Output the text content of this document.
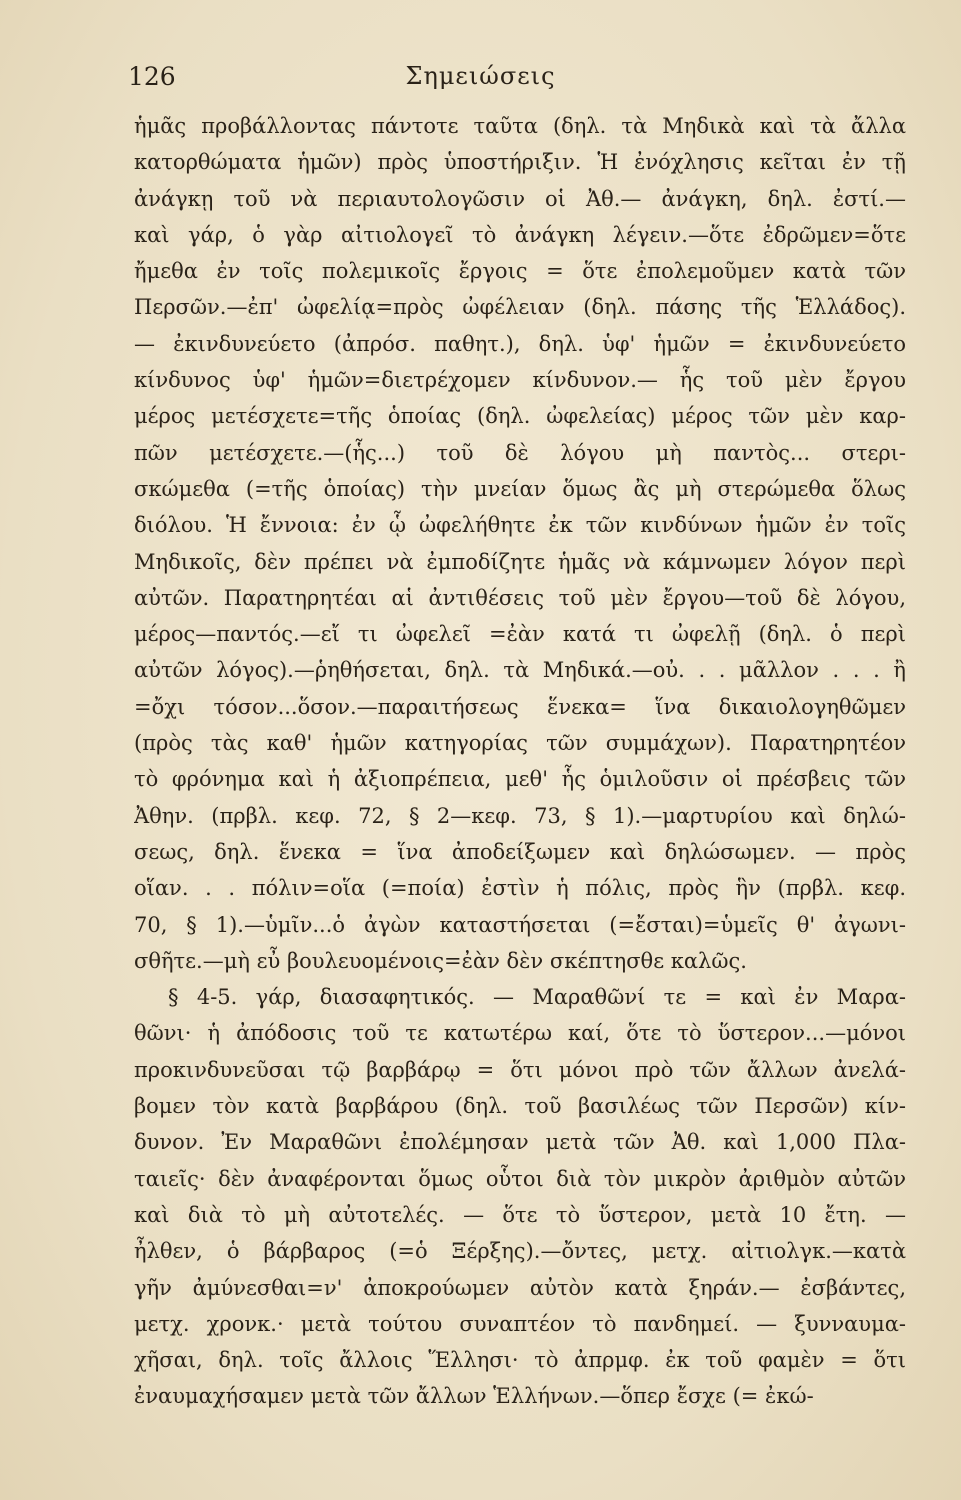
126	Σημειώσεις
ἡμᾶς προβάλλοντας πάντοτε ταῦτα (δηλ. τὰ Μηδικὰ καὶ τὰ ἄλλα
κατορθώματα ἡμῶν) πρὸς ὑποστήριξιν. Ἡ ἐνόχλησις κεῖται ἐν τῇ
ἀνάγκῃ τοῦ νὰ περιαυτολογῶσιν οἱ Ἀθ.— ἀνάγκη, δηλ. ἐστί.—
καὶ γάρ, ὁ γὰρ αἰτιολογεῖ τὸ ἀνάγκη λέγειν.—ὅτε ἐδρῶμεν=ὅτε
ἤμεθα ἐν τοῖς πολεμικοῖς ἔργοις = ὅτε ἐπολεμοῦμεν κατὰ τῶν
Περσῶν.—ἐπ' ὠφελίᾳ=πρὸς ὠφέλειαν (δηλ. πάσης τῆς Ἑλλάδος).
— ἐκινδυνεύετο (ἀπρόσ. παθητ.), δηλ. ὑφ' ἡμῶν = ἐκινδυνεύετο
κίνδυνος ὑφ' ἡμῶν=διετρέχομεν κίνδυνον.— ἧς τοῦ μὲν ἔργου
μέρος μετέσχετε=τῆς ὁποίας (δηλ. ὠφελείας) μέρος τῶν μὲν καρ-
πῶν μετέσχετε.—(ἧς...) τοῦ δὲ λόγου μὴ παντὸς... στερι-
σκώμεθα (=τῆς ὁποίας) τὴν μνείαν ὅμως ἂς μὴ στερώμεθα ὅλως
διόλου. Ἡ ἔννοια: ἐν ᾧ ὠφελήθητε ἐκ τῶν κινδύνων ἡμῶν ἐν τοῖς
Μηδικοῖς, δὲν πρέπει νὰ ἐμποδίζητε ἡμᾶς νὰ κάμνωμεν λόγον περὶ
αὐτῶν. Παρατηρητέαι αἱ ἀντιθέσεις τοῦ μὲν ἔργου—τοῦ δὲ λόγου,
μέρος—παντός.—εἴ τι ὠφελεῖ =ἐὰν κατά τι ὠφελῇ (δηλ. ὁ περὶ
αὐτῶν λόγος).—ῥηθήσεται, δηλ. τὰ Μηδικά.—οὐ. . . μᾶλλον . . . ἢ
=ὄχι τόσον...ὅσον.—παραιτήσεως ἕνεκα= ἵνα δικαιολογηθῶμεν
(πρὸς τὰς καθ' ἡμῶν κατηγορίας τῶν συμμάχων). Παρατηρητέον
τὸ φρόνημα καὶ ἡ ἀξιοπρέπεια, μεθ' ἧς ὁμιλοῦσιν οἱ πρέσβεις τῶν
Ἀθην. (πρβλ. κεφ. 72, § 2—κεφ. 73, § 1).—μαρτυρίου καὶ δηλώ-
σεως, δηλ. ἕνεκα = ἵνα ἀποδείξωμεν καὶ δηλώσωμεν. — πρὸς
οἵαν. . . πόλιν=οἵα (=ποία) ἐστὶν ἡ πόλις, πρὸς ἣν (πρβλ. κεφ.
70, § 1).—ὑμῖν...ὁ ἀγὼν καταστήσεται (=ἔσται)=ὑμεῖς θ' ἀγωνι-
σθῆτε.—μὴ εὖ βουλευομένοις=ἐὰν δὲν σκέπτησθε καλῶς.
§ 4-5. γάρ, διασαφητικός. — Μαραθῶνί τε = καὶ ἐν Μαρα-
θῶνι· ἡ ἀπόδοσις τοῦ τε κατωτέρω καί, ὅτε τὸ ὕστερον...—μόνοι
προκινδυνεῦσαι τῷ βαρβάρῳ = ὅτι μόνοι πρὸ τῶν ἄλλων ἀνελά-
βομεν τὸν κατὰ βαρβάρου (δηλ. τοῦ βασιλέως τῶν Περσῶν) κίν-
δυνον. Ἐν Μαραθῶνι ἐπολέμησαν μετὰ τῶν Ἀθ. καὶ 1,000 Πλα-
ταιεῖς· δὲν ἀναφέρονται ὅμως οὗτοι διὰ τὸν μικρὸν ἀριθμὸν αὐτῶν
καὶ διὰ τὸ μὴ αὐτοτελές. — ὅτε τὸ ὕστερον, μετὰ 10 ἔτη. —
ἦλθεν, ὁ βάρβαρος (=ὁ Ξέρξης).—ὄντες, μετχ. αἰτιολγκ.—κατὰ
γῆν ἀμύνεσθαι=ν' ἀποκρούωμεν αὐτὸν κατὰ ξηράν.— ἐσβάντες,
μετχ. χρονκ.· μετὰ τούτου συναπτέον τὸ πανδημεί. — ξυνναυμα-
χῆσαι, δηλ. τοῖς ἄλλοις Ἕλλησι· τὸ ἀπρμφ. ἐκ τοῦ φαμὲν = ὅτι
ἐναυμαχήσαμεν μετὰ τῶν ἄλλων Ἑλλήνων.—ὅπερ ἔσχε (= ἐκώ-
